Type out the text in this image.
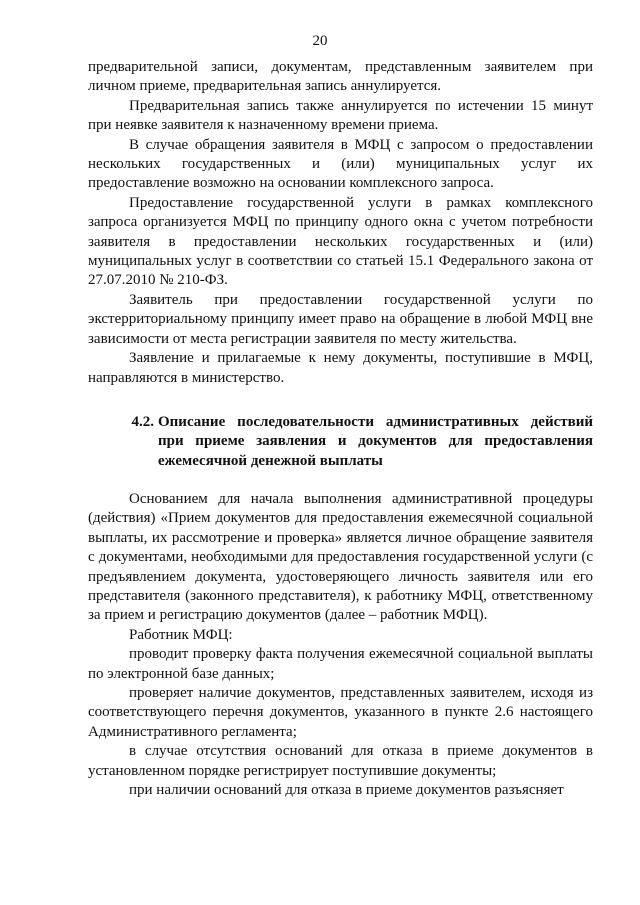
20

предварительной записи, документам, представленным заявителем при личном приеме, предварительная запись аннулируется.

Предварительная запись также аннулируется по истечении 15 минут при неявке заявителя к назначенному времени приема.

В случае обращения заявителя в МФЦ с запросом о предоставлении нескольких государственных и (или) муниципальных услуг их предоставление возможно на основании комплексного запроса.

Предоставление государственной услуги в рамках комплексного запроса организуется МФЦ по принципу одного окна с учетом потребности заявителя в предоставлении нескольких государственных и (или) муниципальных услуг в соответствии со статьей 15.1 Федерального закона от 27.07.2010 № 210-ФЗ.

Заявитель при предоставлении государственной услуги по экстерриториальному принципу имеет право на обращение в любой МФЦ вне зависимости от места регистрации заявителя по месту жительства.

Заявление и прилагаемые к нему документы, поступившие в МФЦ, направляются в министерство.

4.2. Описание последовательности административных действий при приеме заявления и документов для предоставления ежемесячной денежной выплаты

Основанием для начала выполнения административной процедуры (действия) «Прием документов для предоставления ежемесячной социальной выплаты, их рассмотрение и проверка» является личное обращение заявителя с документами, необходимыми для предоставления государственной услуги (с предъявлением документа, удостоверяющего личность заявителя или его представителя (законного представителя), к работнику МФЦ, ответственному за прием и регистрацию документов (далее – работник МФЦ).

Работник МФЦ:

проводит проверку факта получения ежемесячной социальной выплаты по электронной базе данных;

проверяет наличие документов, представленных заявителем, исходя из соответствующего перечня документов, указанного в пункте 2.6 настоящего Административного регламента;

в случае отсутствия оснований для отказа в приеме документов в установленном порядке регистрирует поступившие документы;

при наличии оснований для отказа в приеме документов разъясняет
